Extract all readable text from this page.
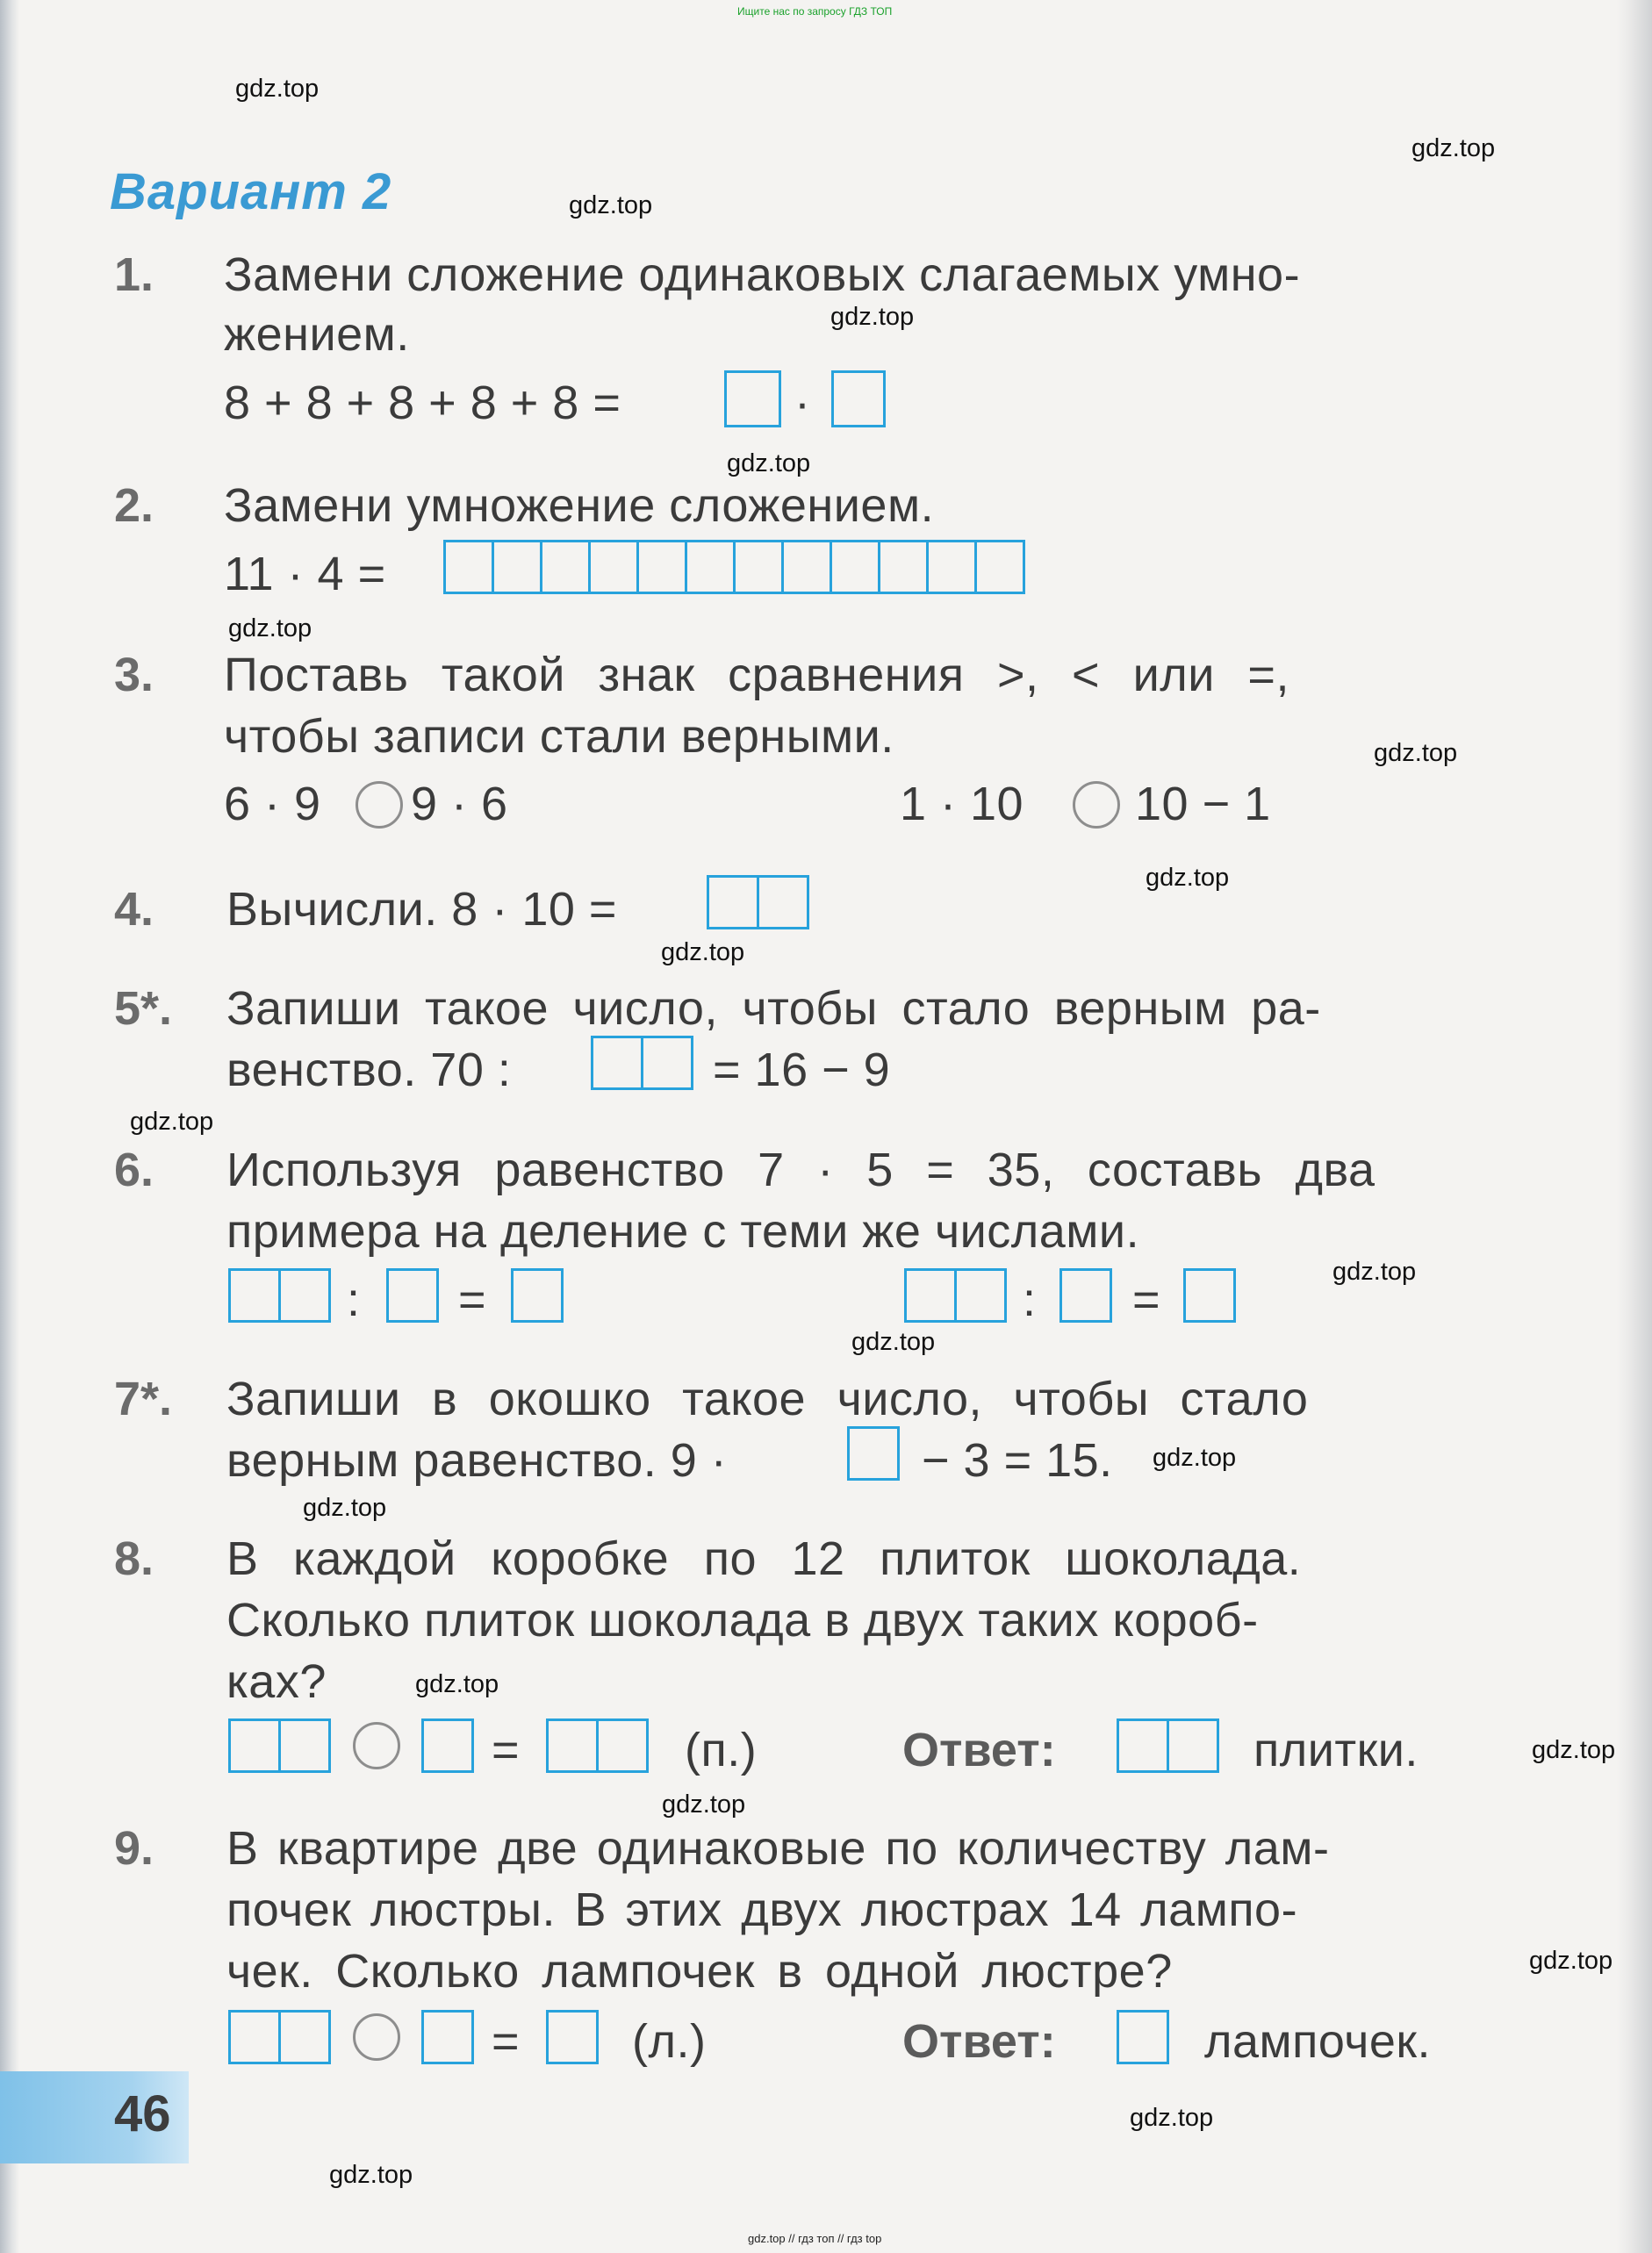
Ищите нас по запросу ГДЗ ТОП
gdz.top
gdz.top
gdz.top
gdz.top
gdz.top
gdz.top
gdz.top
gdz.top
gdz.top
gdz.top
gdz.top
gdz.top
gdz.top
gdz.top
gdz.top
gdz.top
gdz.top
gdz.top
gdz.top
gdz.top
gdz.top // гдз топ // гдз top
Вариант 2
1. Замени сложение одинаковых слагаемых умно-
жением.
8 + 8 + 8 + 8 + 8 =	·
2. Замени умножение сложением.
11 · 4 =
3. Поставь такой знак сравнения >, < или =,
чтобы записи стали верными.
6 · 9 9 · 6	1 · 10 10 − 1
4. Вычисли. 8 · 10 =
5*. Запиши такое число, чтобы стало верным ра-
венство. 70 :	= 16 − 9
6. Используя равенство 7 · 5 = 35, составь два
примера на деление с теми же числами.
: =	: =
7*. Запиши в окошко такое число, чтобы стало
верным равенство. 9 ·	− 3 = 15.
8. В каждой коробке по 12 плиток шоколада.
Сколько плиток шоколада в двух таких короб-
ках?
=	(п.)	Ответ:	плитки.
9. В квартире две одинаковые по количеству лам-
почек люстры. В этих двух люстрах 14 лампо-
чек. Сколько лампочек в одной люстре?
= (л.)	Ответ:	лампочек.
46
